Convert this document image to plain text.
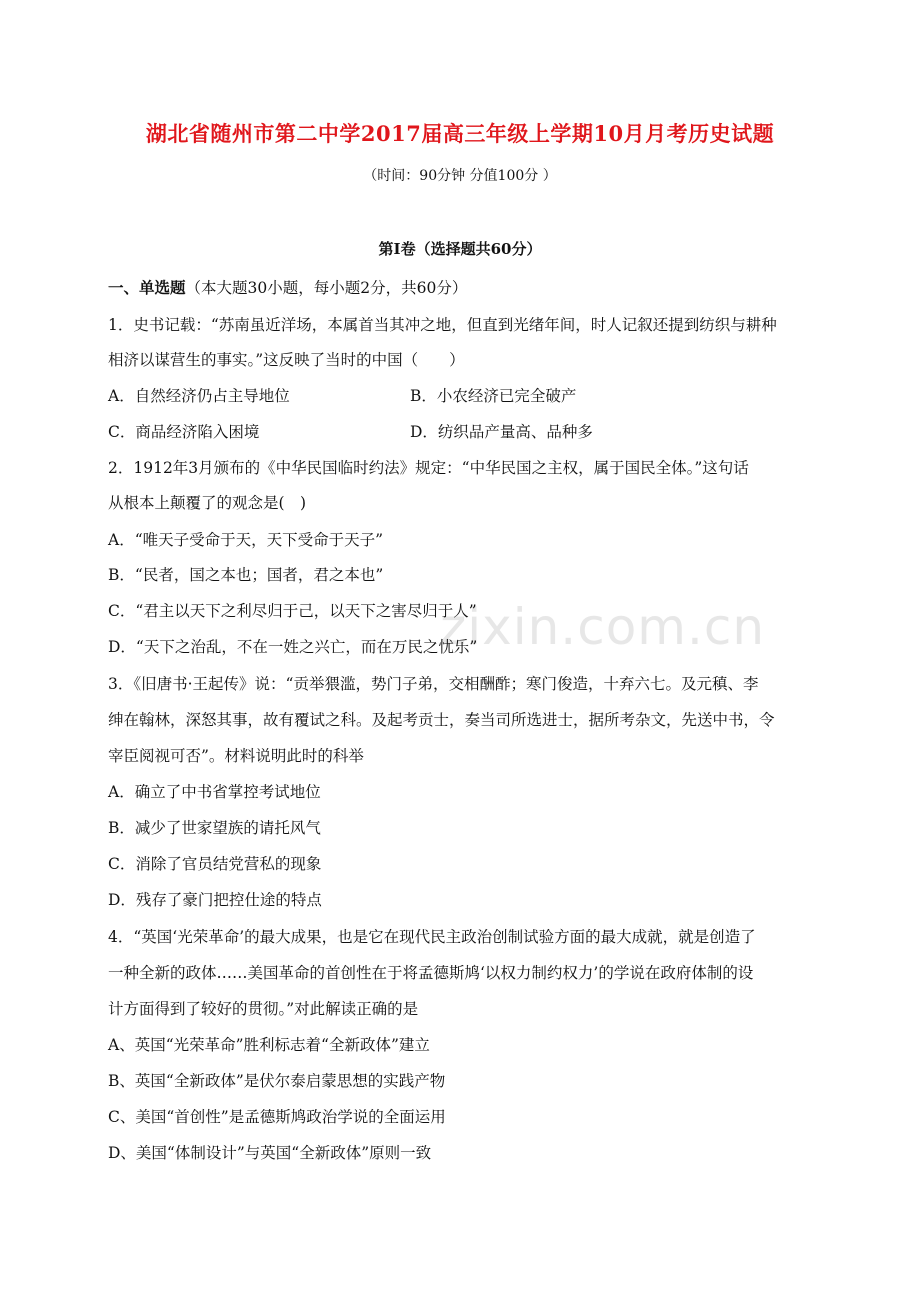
zixin.com.cn
湖北省随州市第二中学2017届高三年级上学期10月月考历史试题
（时间：90分钟 分值100分 ）
第Ⅰ卷（选择题共60分）
一、单选题（本大题30小题，每小题2分，共60分）
1．史书记载：“苏南虽近洋场，本属首当其冲之地，但直到光绪年间，时人记叙还提到纺织与耕种
相济以谋营生的事实。”这反映了当时的中国（　　）
A．自然经济仍占主导地位	B．小农经济已完全破产
C．商品经济陷入困境	D．纺织品产量高、品种多
2．1912年3月颁布的《中华民国临时约法》规定：“中华民国之主权，属于国民全体。”这句话
从根本上颠覆了的观念是(　)
A．“唯天子受命于天，天下受命于天子”
B．“民者，国之本也；国者，君之本也”
C．“君主以天下之利尽归于己，以天下之害尽归于人”
D．“天下之治乱，不在一姓之兴亡，而在万民之忧乐”
3．《旧唐书·王起传》说：“贡举猥滥，势门子弟，交相酬酢；寒门俊造，十弃六七。及元稹、李
绅在翰林，深怒其事，故有覆试之科。及起考贡士，奏当司所选进士，据所考杂文，先送中书，令
宰臣阅视可否”。材料说明此时的科举
A．确立了中书省掌控考试地位
B．减少了世家望族的请托风气
C．消除了官员结党营私的现象
D．残存了豪门把控仕途的特点
4．“英国‘光荣革命’的最大成果，也是它在现代民主政治创制试验方面的最大成就，就是创造了
一种全新的政体……美国革命的首创性在于将孟德斯鸠‘以权力制约权力’的学说在政府体制的设
计方面得到了较好的贯彻。”对此解读正确的是
A、英国“光荣革命”胜利标志着“全新政体”建立
B、英国“全新政体”是伏尔泰启蒙思想的实践产物
C、美国“首创性”是孟德斯鸠政治学说的全面运用
D、美国“体制设计”与英国“全新政体”原则一致
